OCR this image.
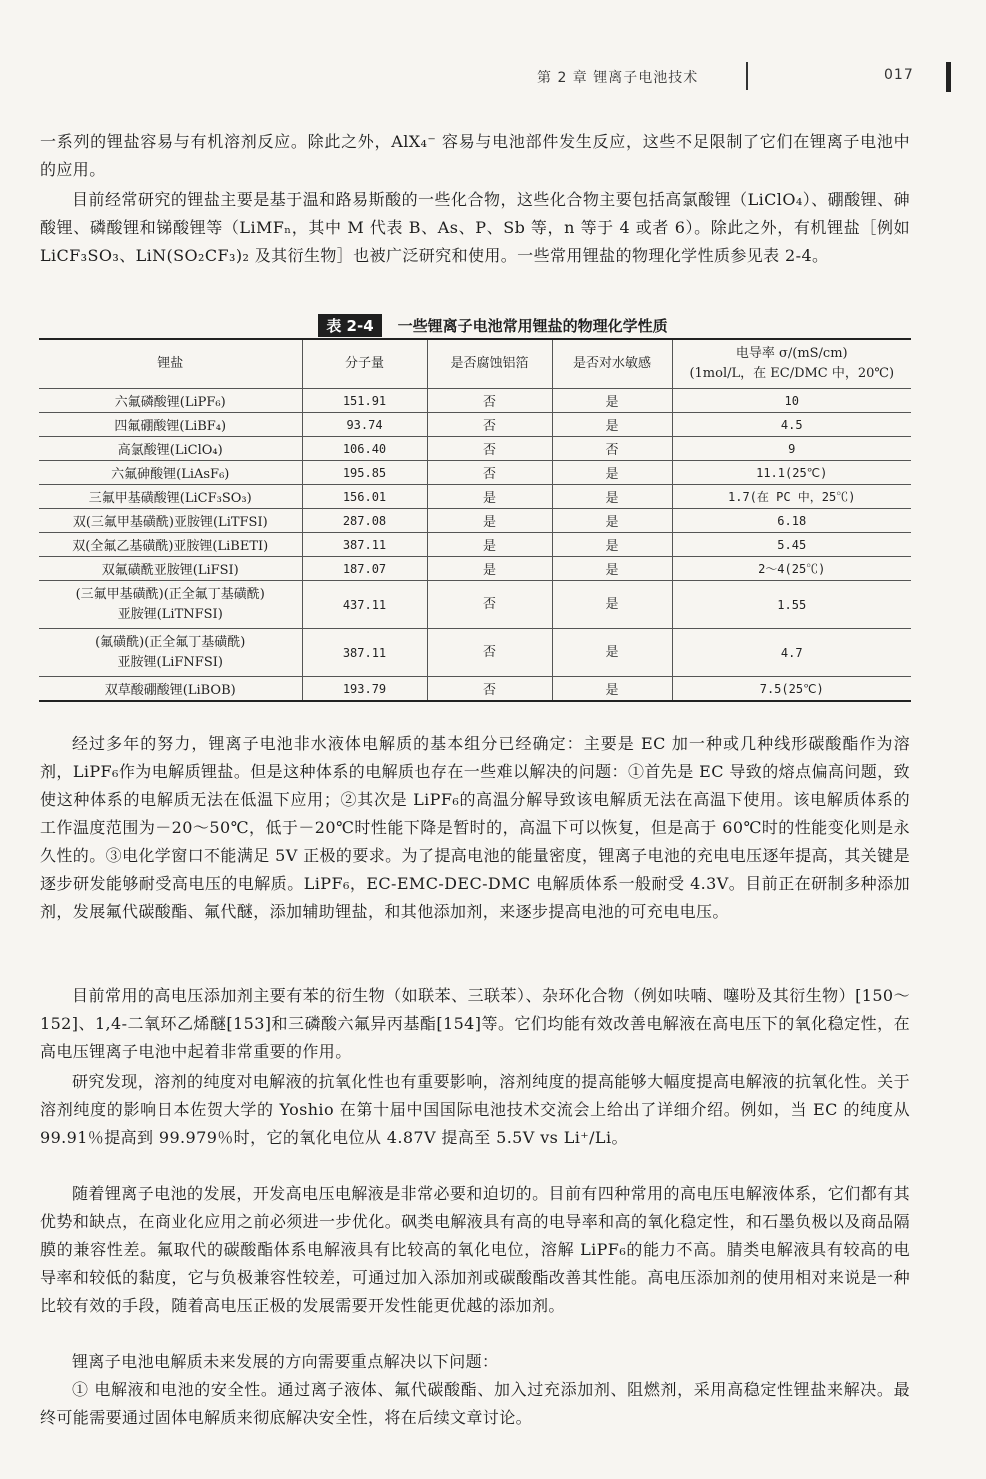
第 2 章 锂离子电池技术	017

一系列的锂盐容易与有机溶剂反应。除此之外，AlX₄⁻ 容易与电池部件发生反应，这些不足限制了它们在锂离子电池中的应用。

目前经常研究的锂盐主要是基于温和路易斯酸的一些化合物，这些化合物主要包括高氯酸锂（LiClO₄）、硼酸锂、砷酸锂、磷酸锂和锑酸锂等（LiMFₙ，其中 M 代表 B、As、P、Sb 等，n 等于 4 或者 6）。除此之外，有机锂盐［例如 LiCF₃SO₃、LiN(SO₂CF₃)₂ 及其衍生物］也被广泛研究和使用。一些常用锂盐的物理化学性质参见表 2-4。

表 2-4 一些锂离子电池常用锂盐的物理化学性质
锂盐	分子量	是否腐蚀铝箔	是否对水敏感	电导率 σ/(mS/cm)
(1mol/L，在 EC/DMC 中，20℃)
六氟磷酸锂(LiPF₆)	151.91	否	是	10
四氟硼酸锂(LiBF₄)	93.74	否	是	4.5
高氯酸锂(LiClO₄)	106.40	否	否	9
六氟砷酸锂(LiAsF₆)	195.85	否	是	11.1(25℃)
三氟甲基磺酸锂(LiCF₃SO₃)	156.01	是	是	1.7(在 PC 中，25℃)
双(三氟甲基磺酰)亚胺锂(LiTFSI)	287.08	是	是	6.18
双(全氟乙基磺酰)亚胺锂(LiBETI)	387.11	是	是	5.45
双氟磺酰亚胺锂(LiFSI)	187.07	是	是	2～4(25℃)
(三氟甲基磺酰)(正全氟丁基磺酰)
亚胺锂(LiTNFSI)	437.11	否	是	1.55
(氟磺酰)(正全氟丁基磺酰)
亚胺锂(LiFNFSI)	387.11	否	是	4.7
双草酸硼酸锂(LiBOB)	193.79	否	是	7.5(25℃)

经过多年的努力，锂离子电池非水液体电解质的基本组分已经确定：主要是 EC 加一种或几种线形碳酸酯作为溶剂，LiPF₆作为电解质锂盐。但是这种体系的电解质也存在一些难以解决的问题：①首先是 EC 导致的熔点偏高问题，致使这种体系的电解质无法在低温下应用；②其次是 LiPF₆的高温分解导致该电解质无法在高温下使用。该电解质体系的工作温度范围为－20～50℃，低于－20℃时性能下降是暂时的，高温下可以恢复，但是高于 60℃时的性能变化则是永久性的。③电化学窗口不能满足 5V 正极的要求。为了提高电池的能量密度，锂离子电池的充电电压逐年提高，其关键是逐步研发能够耐受高电压的电解质。LiPF₆，EC-EMC-DEC-DMC 电解质体系一般耐受 4.3V。目前正在研制多种添加剂，发展氟代碳酸酯、氟代醚，添加辅助锂盐，和其他添加剂，来逐步提高电池的可充电电压。

目前常用的高电压添加剂主要有苯的衍生物（如联苯、三联苯）、杂环化合物（例如呋喃、噻吩及其衍生物）[150～152]、1,4-二氧环乙烯醚[153]和三磷酸六氟异丙基酯[154]等。它们均能有效改善电解液在高电压下的氧化稳定性，在高电压锂离子电池中起着非常重要的作用。

研究发现，溶剂的纯度对电解液的抗氧化性也有重要影响，溶剂纯度的提高能够大幅度提高电解液的抗氧化性。关于溶剂纯度的影响日本佐贺大学的 Yoshio 在第十届中国国际电池技术交流会上给出了详细介绍。例如，当 EC 的纯度从 99.91％提高到 99.979％时，它的氧化电位从 4.87V 提高至 5.5V vs Li⁺/Li。

随着锂离子电池的发展，开发高电压电解液是非常必要和迫切的。目前有四种常用的高电压电解液体系，它们都有其优势和缺点，在商业化应用之前必须进一步优化。砜类电解液具有高的电导率和高的氧化稳定性，和石墨负极以及商品隔膜的兼容性差。氟取代的碳酸酯体系电解液具有比较高的氧化电位，溶解 LiPF₆的能力不高。腈类电解液具有较高的电导率和较低的黏度，它与负极兼容性较差，可通过加入添加剂或碳酸酯改善其性能。高电压添加剂的使用相对来说是一种比较有效的手段，随着高电压正极的发展需要开发性能更优越的添加剂。

锂离子电池电解质未来发展的方向需要重点解决以下问题：

① 电解液和电池的安全性。通过离子液体、氟代碳酸酯、加入过充添加剂、阻燃剂，采用高稳定性锂盐来解决。最终可能需要通过固体电解质来彻底解决安全性，将在后续文章讨论。
